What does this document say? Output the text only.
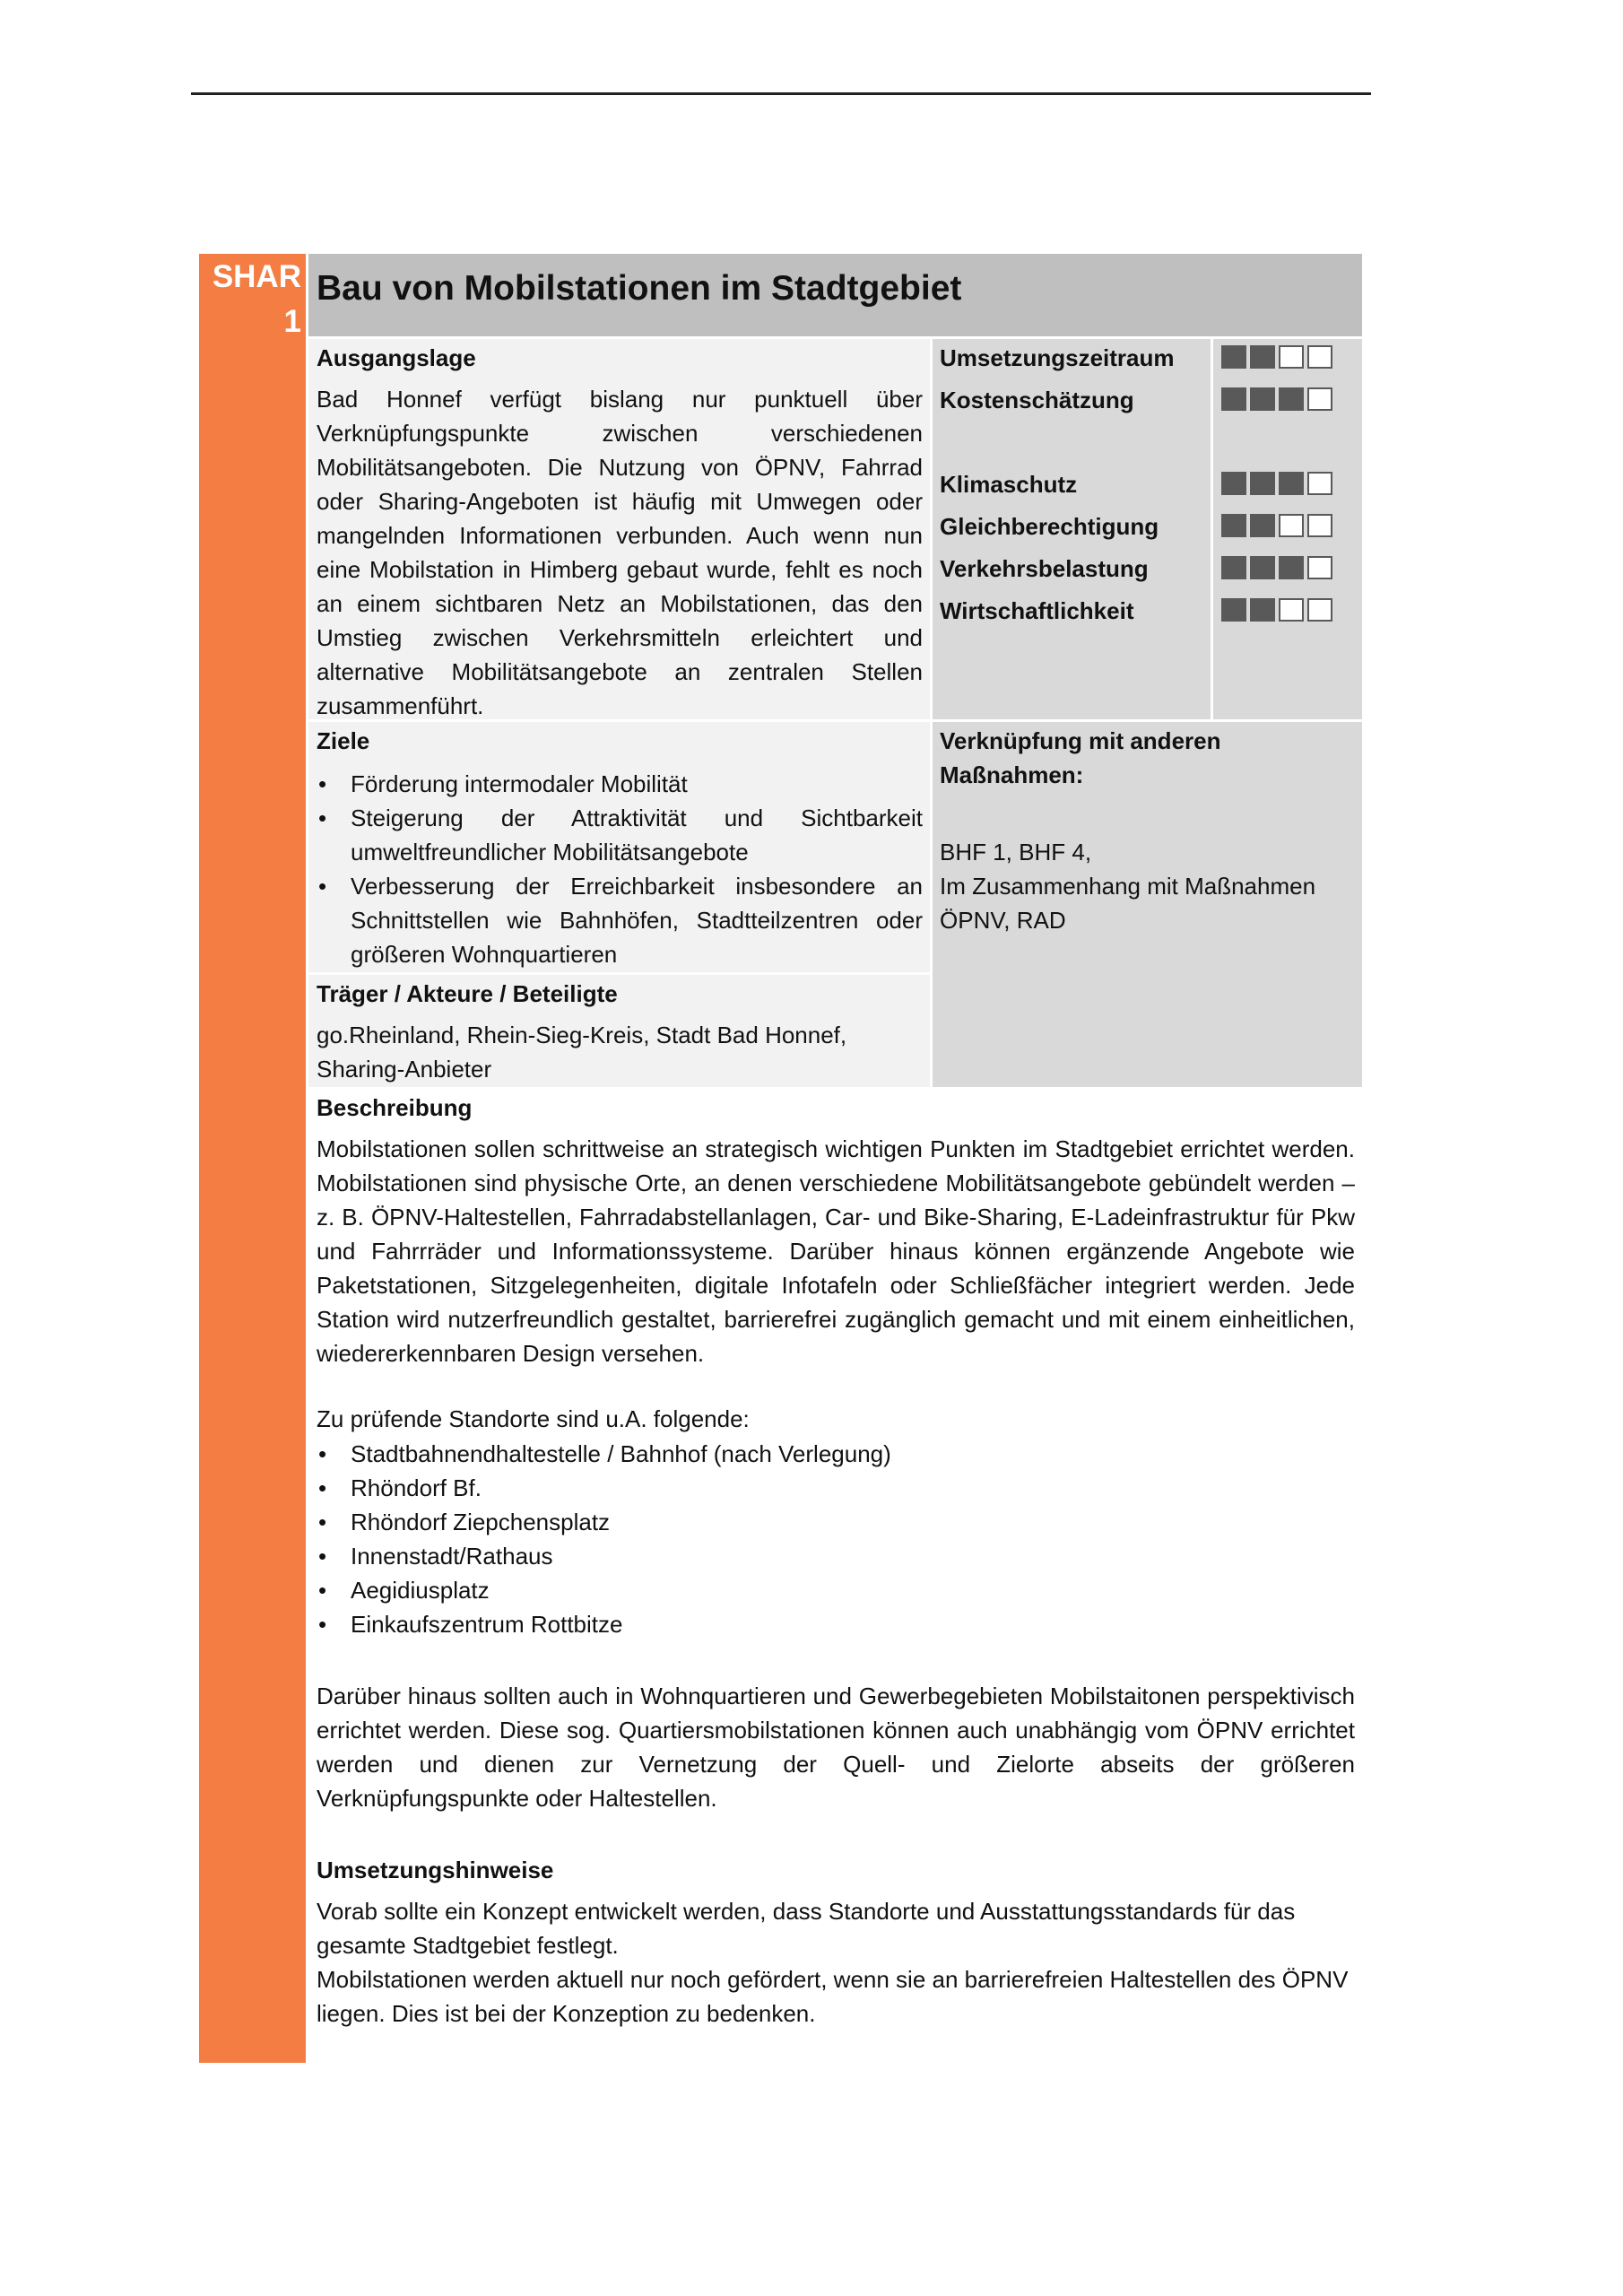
SHAR 1
Bau von Mobilstationen im Stadtgebiet
Ausgangslage
Bad Honnef verfügt bislang nur punktuell über Verknüpfungspunkte zwischen verschiedenen Mobilitätsangeboten. Die Nutzung von ÖPNV, Fahrrad oder Sharing-Angeboten ist häufig mit Umwegen oder mangelnden Informationen verbunden. Auch wenn nun eine Mobilstation in Himberg gebaut wurde, fehlt es noch an einem sichtbaren Netz an Mobilstationen, das den Umstieg zwischen Verkehrsmitteln erleichtert und alternative Mobilitätsangebote an zentralen Stellen zusammenführt.
Umsetzungszeitraum
Kostenschätzung
Klimaschutz
Gleichberechtigung
Verkehrsbelastung
Wirtschaftlichkeit
Ziele
• Förderung intermodaler Mobilität
• Steigerung der Attraktivität und Sichtbarkeit umweltfreundlicher Mobilitätsangebote
• Verbesserung der Erreichbarkeit insbesondere an Schnittstellen wie Bahnhöfen, Stadtteilzentren oder größeren Wohnquartieren
Verknüpfung mit anderen Maßnahmen:
BHF 1, BHF 4,
Im Zusammenhang mit Maßnahmen
ÖPNV, RAD
Träger / Akteure / Beteiligte
go.Rheinland, Rhein-Sieg-Kreis, Stadt Bad Honnef, Sharing-Anbieter
Beschreibung
Mobilstationen sollen schrittweise an strategisch wichtigen Punkten im Stadtgebiet errichtet werden. Mobilstationen sind physische Orte, an denen verschiedene Mobilitätsangebote gebündelt werden – z. B. ÖPNV-Haltestellen, Fahrradabstellanlagen, Car- und Bike-Sharing, E-Ladeinfrastruktur für Pkw und Fahrrräder und Informationssysteme. Darüber hinaus können ergänzende Angebote wie Paketstationen, Sitzgelegenheiten, digitale Infotafeln oder Schließfächer integriert werden. Jede Station wird nutzerfreundlich gestaltet, barrierefrei zugänglich gemacht und mit einem einheitlichen, wiedererkennbaren Design versehen.
Zu prüfende Standorte sind u.A. folgende:
• Stadtbahnendhaltestelle / Bahnhof (nach Verlegung)
• Rhöndorf Bf.
• Rhöndorf Ziepchensplatz
• Innenstadt/Rathaus
• Aegidiusplatz
• Einkaufszentrum Rottbitze
Darüber hinaus sollten auch in Wohnquartieren und Gewerbegebieten Mobilstaitonen perspektivisch errichtet werden. Diese sog. Quartiersmobilstationen können auch unabhängig vom ÖPNV errichtet werden und dienen zur Vernetzung der Quell- und Zielorte abseits der größeren Verknüpfungspunkte oder Haltestellen.
Umsetzungshinweise
Vorab sollte ein Konzept entwickelt werden, dass Standorte und Ausstattungsstandards für das gesamte Stadtgebiet festlegt.
Mobilstationen werden aktuell nur noch gefördert, wenn sie an barrierefreien Haltestellen des ÖPNV liegen. Dies ist bei der Konzeption zu bedenken.
